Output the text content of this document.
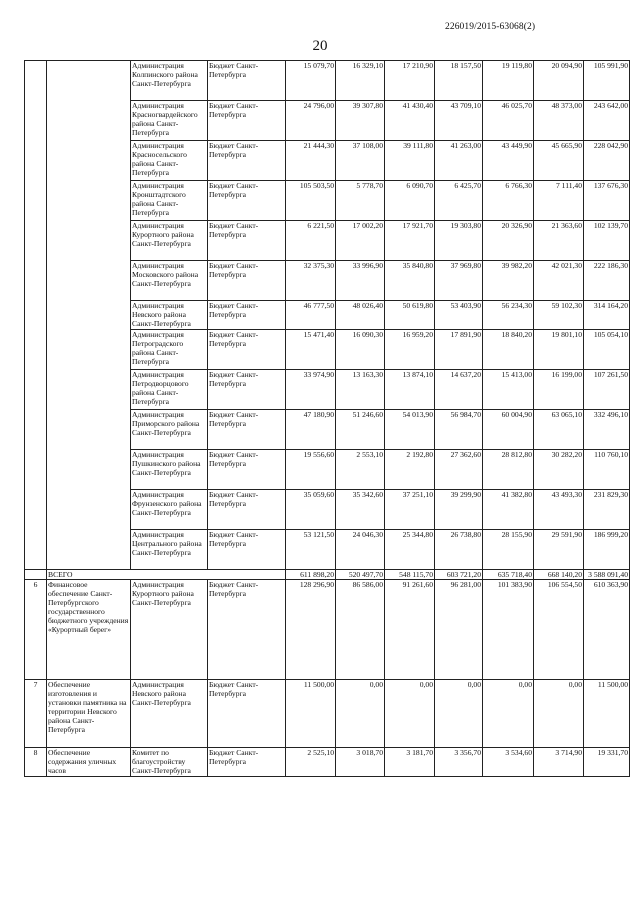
226019/2015-63068(2)
20
		Администрация Колпинского района Санкт-Петербурга	Бюджет Санкт-Петербурга	15 079,70	16 329,10	17 210,90	18 157,50	19 119,80	20 094,90	105 991,90
		Администрация Красногвардейского района Санкт-Петербурга	Бюджет Санкт-Петербурга	24 796,00	39 307,80	41 430,40	43 709,10	46 025,70	48 373,00	243 642,00
		Администрация Красносельского района Санкт-Петербурга	Бюджет Санкт-Петербурга	21 444,30	37 108,00	39 111,80	41 263,00	43 449,90	45 665,90	228 042,90
		Администрация Кронштадтского района Санкт-Петербурга	Бюджет Санкт-Петербурга	105 503,50	5 778,70	6 090,70	6 425,70	6 766,30	7 111,40	137 676,30
		Администрация Курортного района Санкт-Петербурга	Бюджет Санкт-Петербурга	6 221,50	17 002,20	17 921,70	19 303,80	20 326,90	21 363,60	102 139,70
		Администрация Московского района Санкт-Петербурга	Бюджет Санкт-Петербурга	32 375,30	33 996,90	35 840,80	37 969,80	39 982,20	42 021,30	222 186,30
		Администрация Невского района Санкт-Петербурга	Бюджет Санкт-Петербурга	46 777,50	48 026,40	50 619,80	53 403,90	56 234,30	59 102,30	314 164,20
		Администрация Петроградского района Санкт-Петербурга	Бюджет Санкт-Петербурга	15 471,40	16 090,30	16 959,20	17 891,90	18 840,20	19 801,10	105 054,10
		Администрация Петродворцового района Санкт-Петербурга	Бюджет Санкт-Петербурга	33 974,90	13 163,30	13 874,10	14 637,20	15 413,00	16 199,00	107 261,50
		Администрация Приморского района Санкт-Петербурга	Бюджет Санкт-Петербурга	47 180,90	51 246,60	54 013,90	56 984,70	60 004,90	63 065,10	332 496,10
		Администрация Пушкинского района Санкт-Петербурга	Бюджет Санкт-Петербурга	19 556,60	2 553,10	2 192,80	27 362,60	28 812,80	30 282,20	110 760,10
		Администрация Фрунзенского района Санкт-Петербурга	Бюджет Санкт-Петербурга	35 059,60	35 342,60	37 251,10	39 299,90	41 382,80	43 493,30	231 829,30
		Администрация Центрального района Санкт-Петербурга	Бюджет Санкт-Петербурга	53 121,50	24 046,30	25 344,80	26 738,80	28 155,90	29 591,90	186 999,20
	ВСЕГО			611 898,20	520 497,70	548 115,70	603 721,20	635 718,40	668 140,20	3 588 091,40
6	Финансовое обеспечение Санкт-Петербургского государственного бюджетного учреждения «Курортный берег»	Администрация Курортного района Санкт-Петербурга	Бюджет Санкт-Петербурга	128 296,90	86 586,00	91 261,60	96 281,00	101 383,90	106 554,50	610 363,90
7	Обеспечение изготовления и установки памятника на территории Невского района Санкт-Петербурга	Администрация Невского района Санкт-Петербурга	Бюджет Санкт-Петербурга	11 500,00	0,00	0,00	0,00	0,00	0,00	11 500,00
8	Обеспечение содержания уличных часов	Комитет по благоустройству Санкт-Петербурга	Бюджет Санкт-Петербурга	2 525,10	3 018,70	3 181,70	3 356,70	3 534,60	3 714,90	19 331,70
